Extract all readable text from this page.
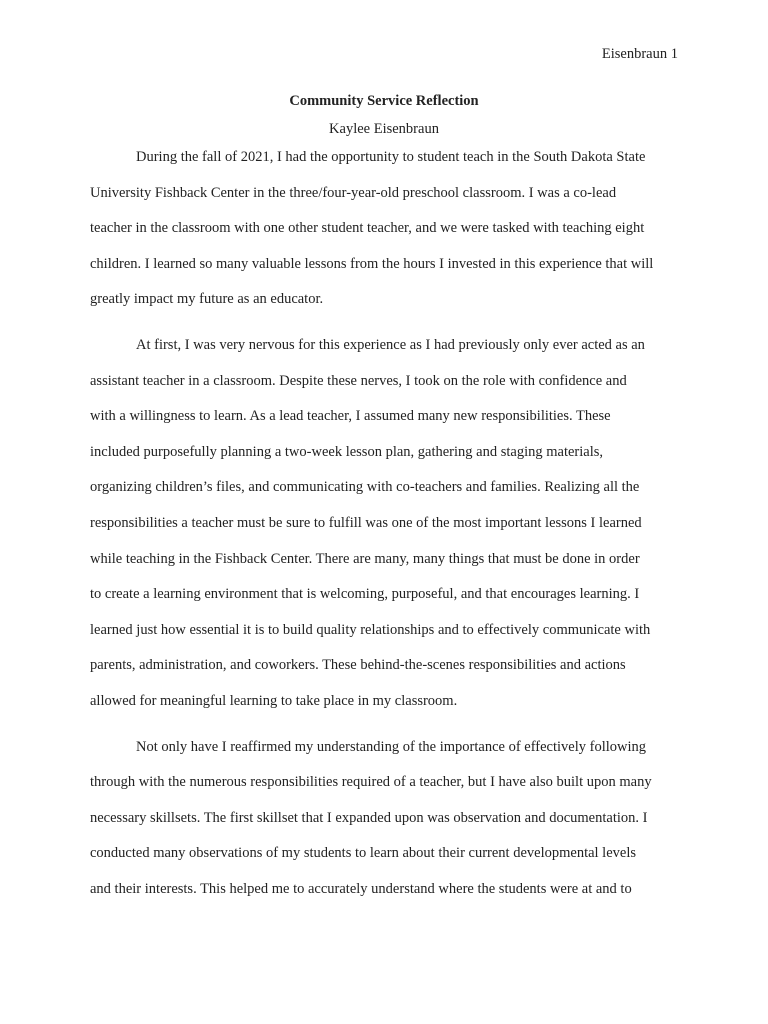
Eisenbraun 1
Community Service Reflection
Kaylee Eisenbraun
During the fall of 2021, I had the opportunity to student teach in the South Dakota State
University Fishback Center in the three/four-year-old preschool classroom. I was a co-lead
teacher in the classroom with one other student teacher, and we were tasked with teaching eight
children. I learned so many valuable lessons from the hours I invested in this experience that will
greatly impact my future as an educator.
At first, I was very nervous for this experience as I had previously only ever acted as an
assistant teacher in a classroom. Despite these nerves, I took on the role with confidence and
with a willingness to learn. As a lead teacher, I assumed many new responsibilities. These
included purposefully planning a two-week lesson plan, gathering and staging materials,
organizing children’s files, and communicating with co-teachers and families. Realizing all the
responsibilities a teacher must be sure to fulfill was one of the most important lessons I learned
while teaching in the Fishback Center. There are many, many things that must be done in order
to create a learning environment that is welcoming, purposeful, and that encourages learning. I
learned just how essential it is to build quality relationships and to effectively communicate with
parents, administration, and coworkers. These behind-the-scenes responsibilities and actions
allowed for meaningful learning to take place in my classroom.
Not only have I reaffirmed my understanding of the importance of effectively following
through with the numerous responsibilities required of a teacher, but I have also built upon many
necessary skillsets. The first skillset that I expanded upon was observation and documentation. I
conducted many observations of my students to learn about their current developmental levels
and their interests. This helped me to accurately understand where the students were at and to
